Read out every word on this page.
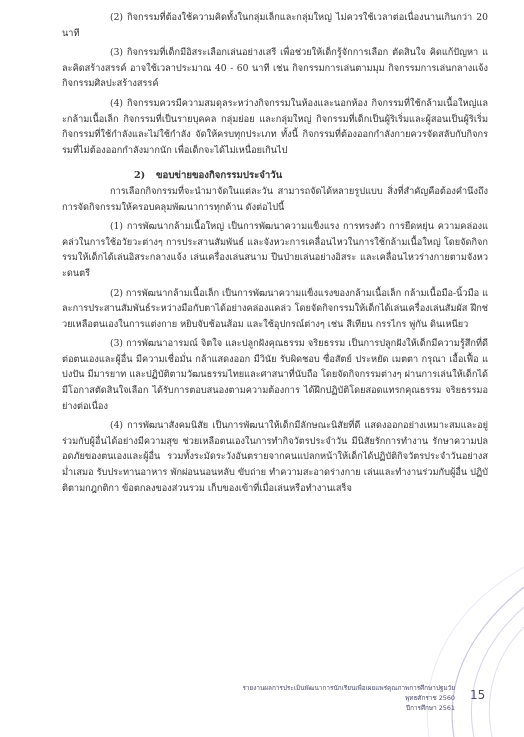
(2) กิจกรรมที่ต้องใช้ความคิดทั้งในกลุ่มเล็กและกลุ่มใหญ่ ไม่ควรใช้เวลาต่อเนื่องนานเกินกว่า 20 นาที

(3) กิจกรรมที่เด็กมีอิสระเลือกเล่นอย่างเสรี เพื่อช่วยให้เด็กรู้จักการเลือก ตัดสินใจ คิดแก้ปัญหา และคิดสร้างสรรค์ อาจใช้เวลาประมาณ 40 - 60 นาที เช่น กิจกรรมการเล่นตามมุม กิจกรรมการเล่นกลางแจ้ง กิจกรรมศิลปะสร้างสรรค์

(4) กิจกรรมควรมีความสมดุลระหว่างกิจกรรมในห้องและนอกห้อง กิจกรรมที่ใช้กล้ามเนื้อใหญ่และกล้ามเนื้อเล็ก กิจกรรมที่เป็นรายบุคคล กลุ่มย่อย และกลุ่มใหญ่ กิจกรรมที่เด็กเป็นผู้ริเริ่มและผู้สอนเป็นผู้ริเริ่ม กิจกรรมที่ใช้กำลังและไม่ใช้กำลัง จัดให้ครบทุกประเภท ทั้งนี้ กิจกรรมที่ต้องออกกำลังกายควรจัดสลับกับกิจกรรมที่ไม่ต้องออกกำลังมากนัก เพื่อเด็กจะได้ไม่เหนื่อยเกินไป

2) ขอบข่ายของกิจกรรมประจำวัน

การเลือกกิจกรรมที่จะนำมาจัดในแต่ละวัน สามารถจัดได้หลายรูปแบบ สิ่งที่สำคัญคือต้องคำนึงถึงการจัดกิจกรรมให้ครอบคลุมพัฒนาการทุกด้าน ดังต่อไปนี้

(1) การพัฒนากล้ามเนื้อใหญ่ เป็นการพัฒนาความแข็งแรง การทรงตัว การยืดหยุ่น ความคล่องแคล่วในการใช้อวัยวะต่างๆ การประสานสัมพันธ์ และจังหวะการเคลื่อนไหวในการใช้กล้ามเนื้อใหญ่ โดยจัดกิจกรรมให้เด็กได้เล่นอิสระกลางแจ้ง เล่นเครื่องเล่นสนาม ปีนป่ายเล่นอย่างอิสระ และเคลื่อนไหวร่างกายตามจังหวะดนตรี

(2) การพัฒนากล้ามเนื้อเล็ก เป็นการพัฒนาความแข็งแรงของกล้ามเนื้อเล็ก กล้ามเนื้อมือ-นิ้วมือ และการประสานสัมพันธ์ระหว่างมือกับตาได้อย่างคล่องแคล่ว โดยจัดกิจกรรมให้เด็กได้เล่นเครื่องเล่นสัมผัส ฝึกช่วยเหลือตนเองในการแต่งกาย หยิบจับช้อนส้อม และใช้อุปกรณ์ต่างๆ เช่น สีเทียน กรรไกร พู่กัน ดินเหนียว

(3) การพัฒนาอารมณ์ จิตใจ และปลูกฝังคุณธรรม จริยธรรม เป็นการปลูกฝังให้เด็กมีความรู้สึกที่ดีต่อตนเองและผู้อื่น มีความเชื่อมั่น กล้าแสดงออก มีวินัย รับผิดชอบ ซื่อสัตย์ ประหยัด เมตตา กรุณา เอื้อเฟื้อ แบ่งปัน มีมารยาท และปฏิบัติตามวัฒนธรรมไทยและศาสนาที่นับถือ โดยจัดกิจกรรมต่างๆ ผ่านการเล่นให้เด็กได้มีโอกาสตัดสินใจเลือก ได้รับการตอบสนองตามความต้องการ ได้ฝึกปฏิบัติโดยสอดแทรกคุณธรรม จริยธรรมอย่างต่อเนื่อง

(4) การพัฒนาสังคมนิสัย เป็นการพัฒนาให้เด็กมีลักษณะนิสัยที่ดี แสดงออกอย่างเหมาะสมและอยู่ร่วมกับผู้อื่นได้อย่างมีความสุข ช่วยเหลือตนเองในการทำกิจวัตรประจำวัน มีนิสัยรักการทำงาน รักษาความปลอดภัยของตนเองและผู้อื่น รวมทั้งระมัดระวังอันตรายจากคนแปลกหน้าให้เด็กได้ปฏิบัติกิจวัตรประจำวันอย่างสม่ำเสมอ รับประทานอาหาร พักผ่อนนอนหลับ ขับถ่าย ทำความสะอาดร่างกาย เล่นและทำงานร่วมกับผู้อื่น ปฏิบัติตามกฎกติกา ข้อตกลงของส่วนรวม เก็บของเข้าที่เมื่อเล่นหรือทำงานเสร็จ

รายงานผลการประเมินพัฒนาการนักเรียนเพื่อเผยแพร่คุณภาพการศึกษาปฐมวัย พุทธศักราช 2560
ปีการศึกษา 2561
15
